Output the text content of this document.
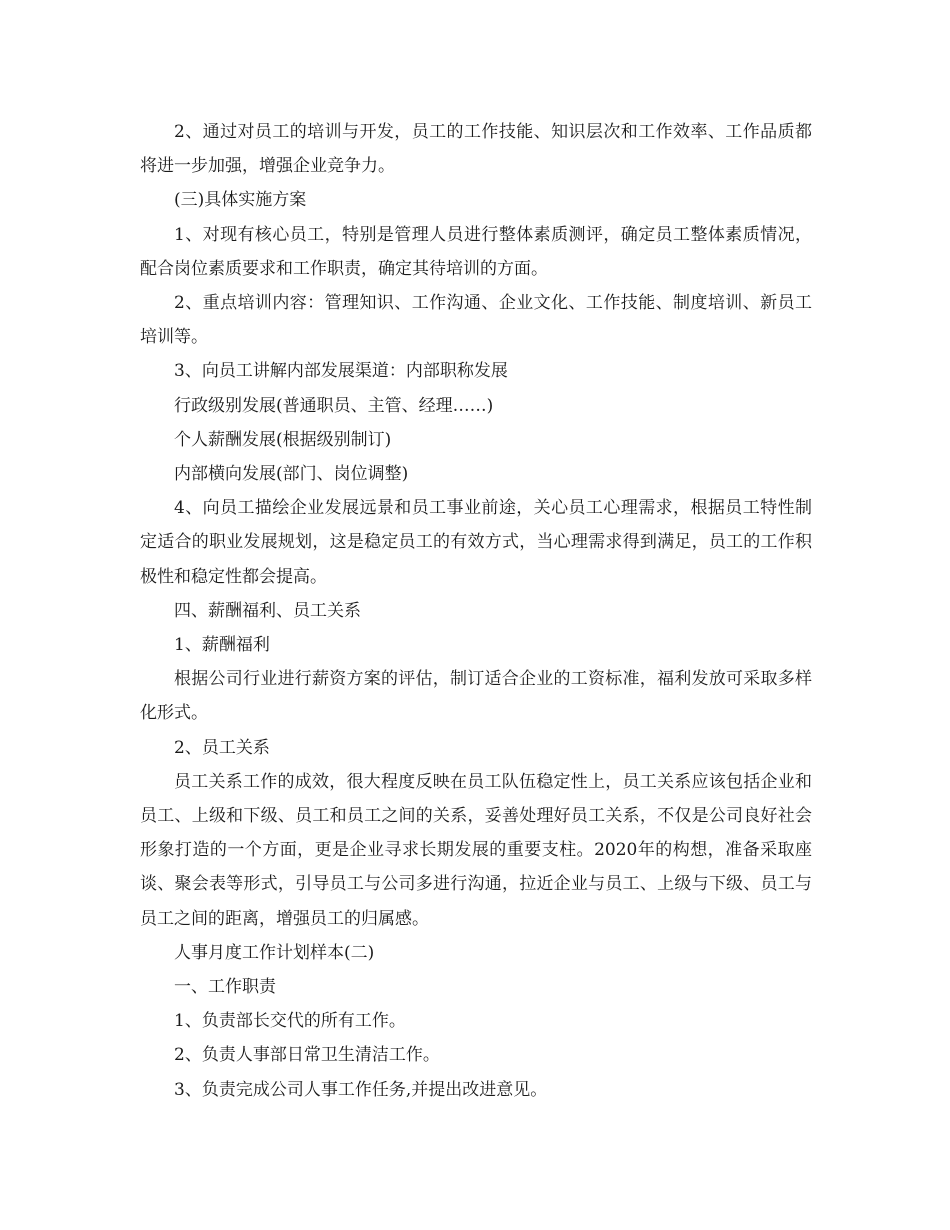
2、通过对员工的培训与开发，员工的工作技能、知识层次和工作效率、工作品质都将进一步加强，增强企业竞争力。

(三)具体实施方案

1、对现有核心员工，特别是管理人员进行整体素质测评，确定员工整体素质情况，配合岗位素质要求和工作职责，确定其待培训的方面。

2、重点培训内容：管理知识、工作沟通、企业文化、工作技能、制度培训、新员工培训等。

3、向员工讲解内部发展渠道：内部职称发展

行政级别发展(普通职员、主管、经理……)

个人薪酬发展(根据级别制订)

内部横向发展(部门、岗位调整)

4、向员工描绘企业发展远景和员工事业前途，关心员工心理需求，根据员工特性制定适合的职业发展规划，这是稳定员工的有效方式，当心理需求得到满足，员工的工作积极性和稳定性都会提高。

四、薪酬福利、员工关系

1、薪酬福利

根据公司行业进行薪资方案的评估，制订适合企业的工资标准，福利发放可采取多样化形式。

2、员工关系

员工关系工作的成效，很大程度反映在员工队伍稳定性上，员工关系应该包括企业和员工、上级和下级、员工和员工之间的关系，妥善处理好员工关系，不仅是公司良好社会形象打造的一个方面，更是企业寻求长期发展的重要支柱。2020年的构想，准备采取座谈、聚会表等形式，引导员工与公司多进行沟通，拉近企业与员工、上级与下级、员工与员工之间的距离，增强员工的归属感。

人事月度工作计划样本(二)

一、工作职责

1、负责部长交代的所有工作。

2、负责人事部日常卫生清洁工作。

3、负责完成公司人事工作任务,并提出改进意见。
